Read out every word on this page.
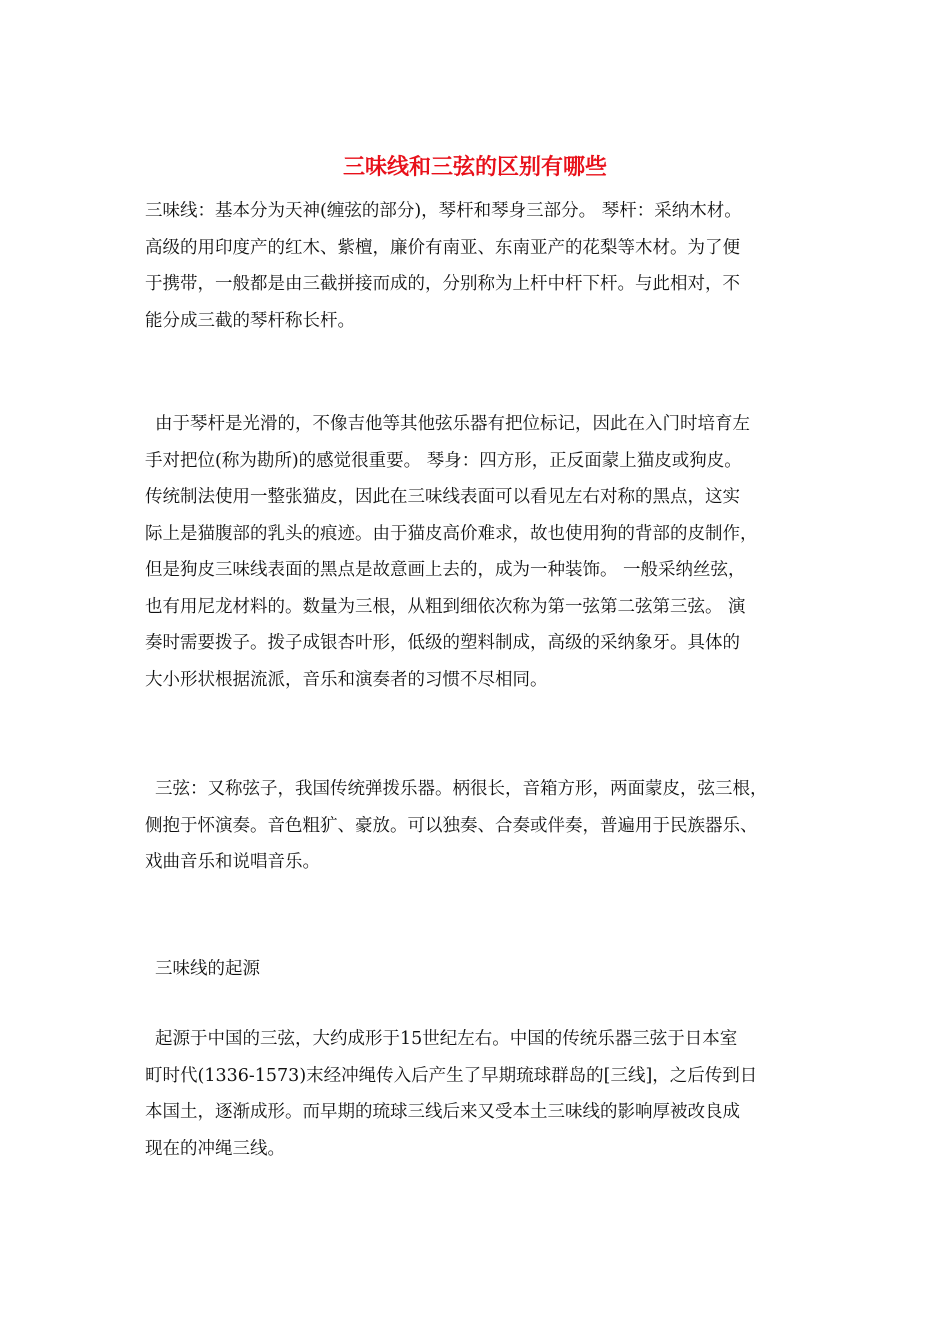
三味线和三弦的区别有哪些
三味线：基本分为天神(缠弦的部分)，琴杆和琴身三部分。 琴杆：采纳木材。
高级的用印度产的红木、紫檀，廉价有南亚、东南亚产的花梨等木材。为了便
于携带，一般都是由三截拼接而成的，分别称为上杆中杆下杆。与此相对，不
能分成三截的琴杆称长杆。
由于琴杆是光滑的，不像吉他等其他弦乐器有把位标记，因此在入门时培育左
手对把位(称为勘所)的感觉很重要。 琴身：四方形，正反面蒙上猫皮或狗皮。
传统制法使用一整张猫皮，因此在三味线表面可以看见左右对称的黑点，这实
际上是猫腹部的乳头的痕迹。由于猫皮高价难求，故也使用狗的背部的皮制作，
但是狗皮三味线表面的黑点是故意画上去的，成为一种装饰。 一般采纳丝弦，
也有用尼龙材料的。数量为三根，从粗到细依次称为第一弦第二弦第三弦。 演
奏时需要拨子。拨子成银杏叶形，低级的塑料制成，高级的采纳象牙。具体的
大小形状根据流派，音乐和演奏者的习惯不尽相同。
三弦：又称弦子，我国传统弹拨乐器。柄很长，音箱方形，两面蒙皮，弦三根，
侧抱于怀演奏。音色粗犷、豪放。可以独奏、合奏或伴奏，普遍用于民族器乐、
戏曲音乐和说唱音乐。
三味线的起源
起源于中国的三弦，大约成形于15世纪左右。中国的传统乐器三弦于日本室
町时代(1336-1573)末经冲绳传入后产生了早期琉球群岛的[三线]，之后传到日
本国土，逐渐成形。而早期的琉球三线后来又受本土三味线的影响厚被改良成
现在的冲绳三线。
